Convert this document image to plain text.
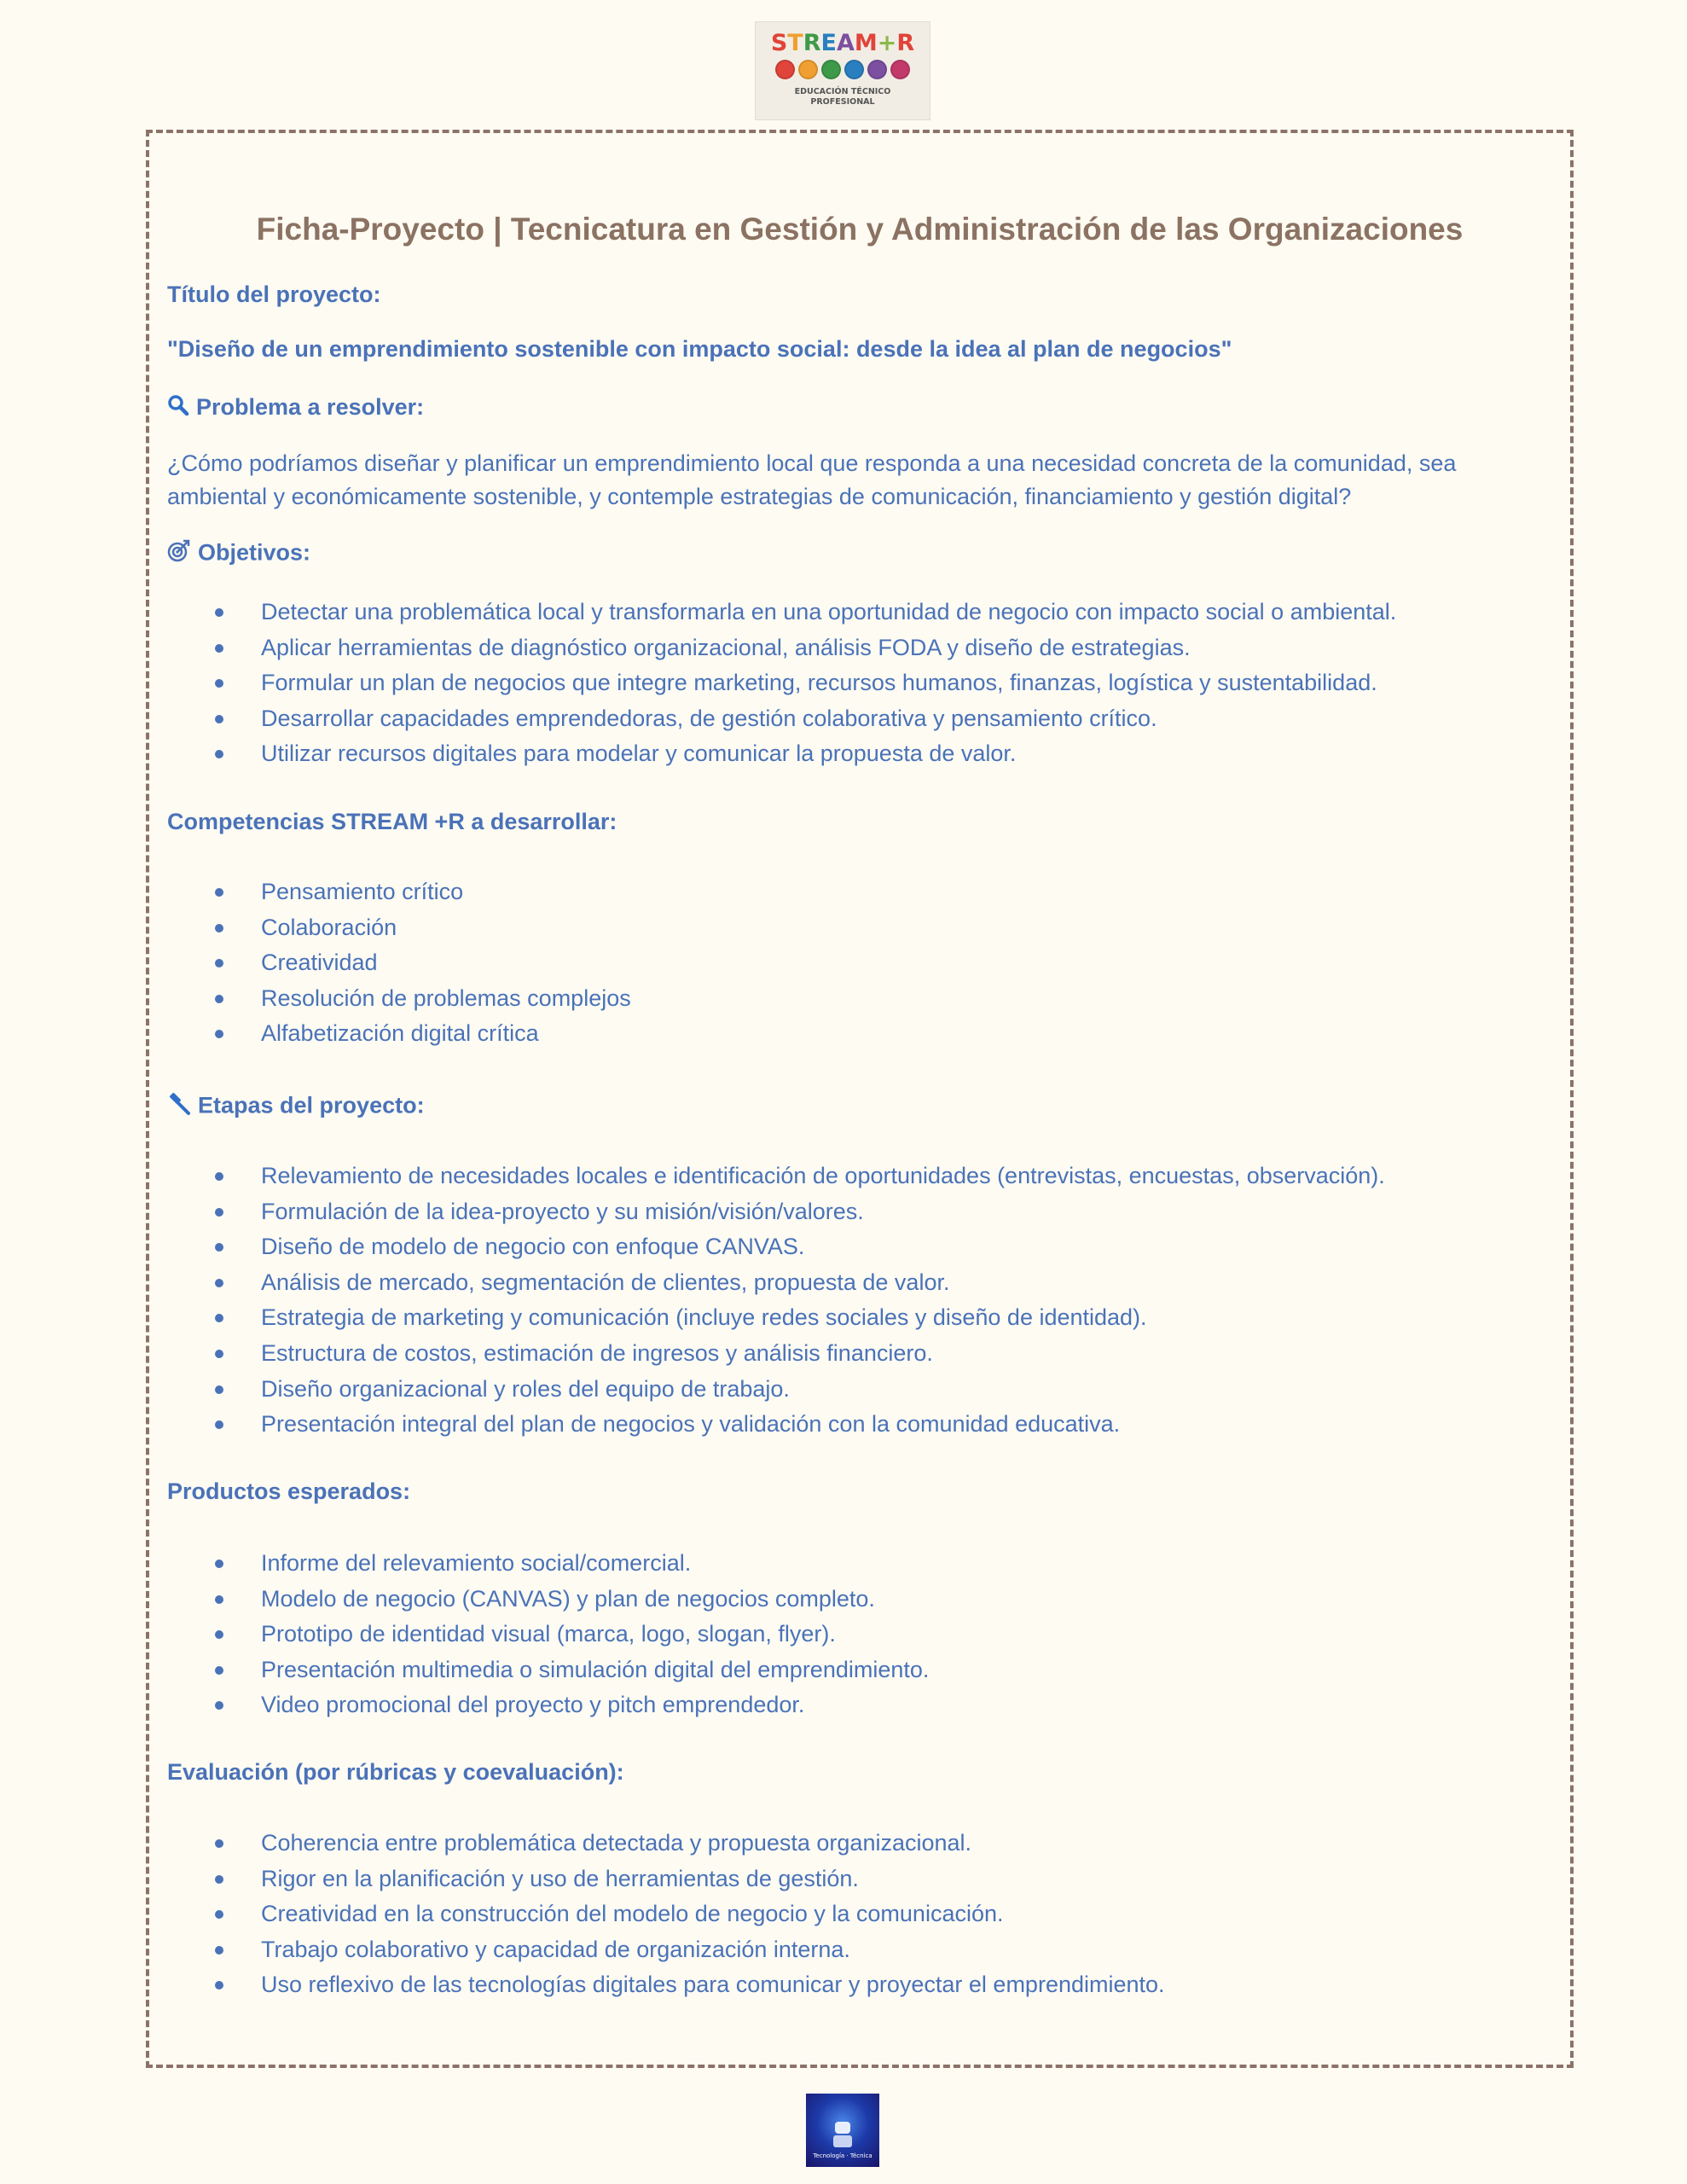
STREAM+R
EDUCACIÓN TÉCNICO
PROFESIONAL
Ficha-Proyecto | Tecnicatura en Gestión y Administración de las Organizaciones
Título del proyecto:
"Diseño de un emprendimiento sostenible con impacto social: desde la idea al plan de negocios"
Problema a resolver:
¿Cómo podríamos diseñar y planificar un emprendimiento local que responda a una necesidad concreta de la comunidad, sea
ambiental y económicamente sostenible, y contemple estrategias de comunicación, financiamiento y gestión digital?
Objetivos:
Detectar una problemática local y transformarla en una oportunidad de negocio con impacto social o ambiental.
Aplicar herramientas de diagnóstico organizacional, análisis FODA y diseño de estrategias.
Formular un plan de negocios que integre marketing, recursos humanos, finanzas, logística y sustentabilidad.
Desarrollar capacidades emprendedoras, de gestión colaborativa y pensamiento crítico.
Utilizar recursos digitales para modelar y comunicar la propuesta de valor.
Competencias STREAM +R a desarrollar:
Pensamiento crítico
Colaboración
Creatividad
Resolución de problemas complejos
Alfabetización digital crítica
Etapas del proyecto:
Relevamiento de necesidades locales e identificación de oportunidades (entrevistas, encuestas, observación).
Formulación de la idea-proyecto y su misión/visión/valores.
Diseño de modelo de negocio con enfoque CANVAS.
Análisis de mercado, segmentación de clientes, propuesta de valor.
Estrategia de marketing y comunicación (incluye redes sociales y diseño de identidad).
Estructura de costos, estimación de ingresos y análisis financiero.
Diseño organizacional y roles del equipo de trabajo.
Presentación integral del plan de negocios y validación con la comunidad educativa.
Productos esperados:
Informe del relevamiento social/comercial.
Modelo de negocio (CANVAS) y plan de negocios completo.
Prototipo de identidad visual (marca, logo, slogan, flyer).
Presentación multimedia o simulación digital del emprendimiento.
Video promocional del proyecto y pitch emprendedor.
Evaluación (por rúbricas y coevaluación):
Coherencia entre problemática detectada y propuesta organizacional.
Rigor en la planificación y uso de herramientas de gestión.
Creatividad en la construcción del modelo de negocio y la comunicación.
Trabajo colaborativo y capacidad de organización interna.
Uso reflexivo de las tecnologías digitales para comunicar y proyectar el emprendimiento.
Tecnología · Técnica
